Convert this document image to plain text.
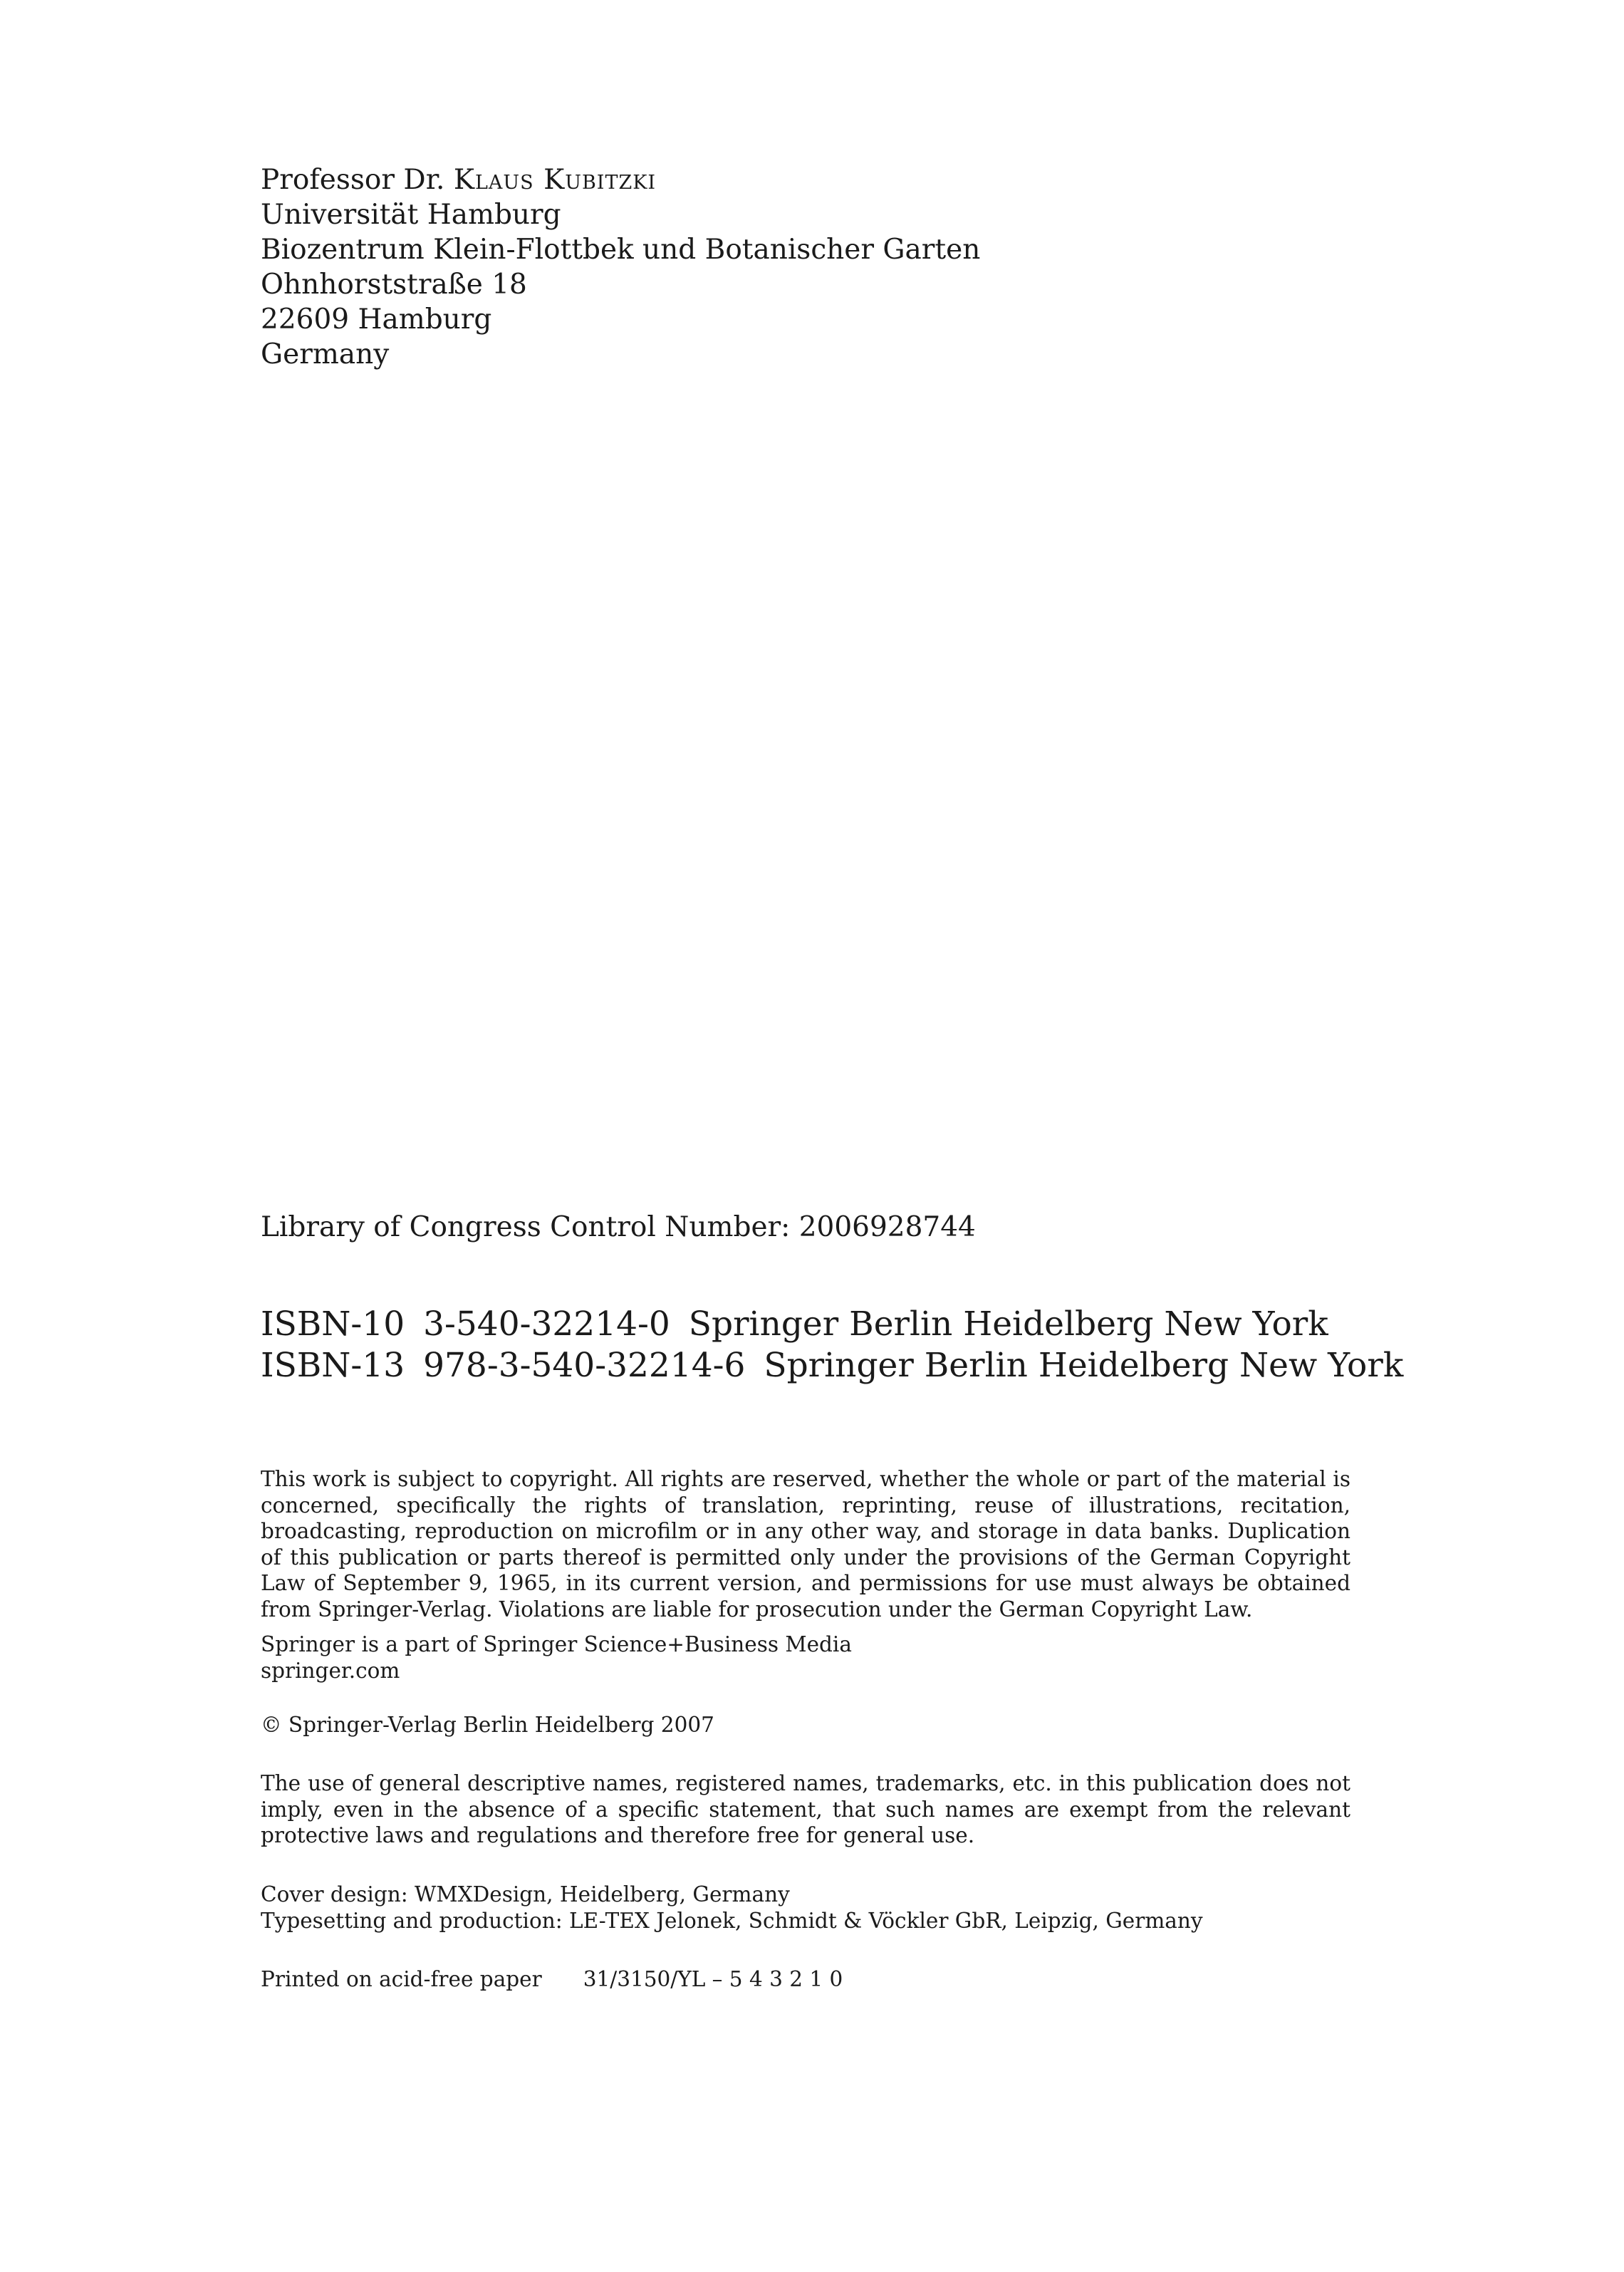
Professor Dr. Klaus Kubitzki
Universität Hamburg
Biozentrum Klein-Flottbek und Botanischer Garten
Ohnhorststraße 18
22609 Hamburg
Germany
Library of Congress Control Number: 2006928744
ISBN-10 3-540-32214-0 Springer Berlin Heidelberg New York
ISBN-13 978-3-540-32214-6 Springer Berlin Heidelberg New York
This work is subject to copyright. All rights are reserved, whether the whole or part of the material is concerned, specifically the rights of translation, reprinting, reuse of illustrations, recitation, broadcasting, reproduction on microfilm or in any other way, and storage in data banks. Duplication of this publication or parts thereof is permitted only under the provisions of the German Copyright Law of September 9, 1965, in its current version, and permissions for use must always be obtained from Springer-Verlag. Violations are liable for prosecution under the German Copyright Law.
Springer is a part of Springer Science+Business Media
springer.com
© Springer-Verlag Berlin Heidelberg 2007
The use of general descriptive names, registered names, trademarks, etc. in this publication does not imply, even in the absence of a specific statement, that such names are exempt from the relevant protective laws and regulations and therefore free for general use.
Cover design: WMXDesign, Heidelberg, Germany
Typesetting and production: LE-TEX Jelonek, Schmidt & Vöckler GbR, Leipzig, Germany
Printed on acid-free paper 31/3150/YL – 5 4 3 2 1 0
